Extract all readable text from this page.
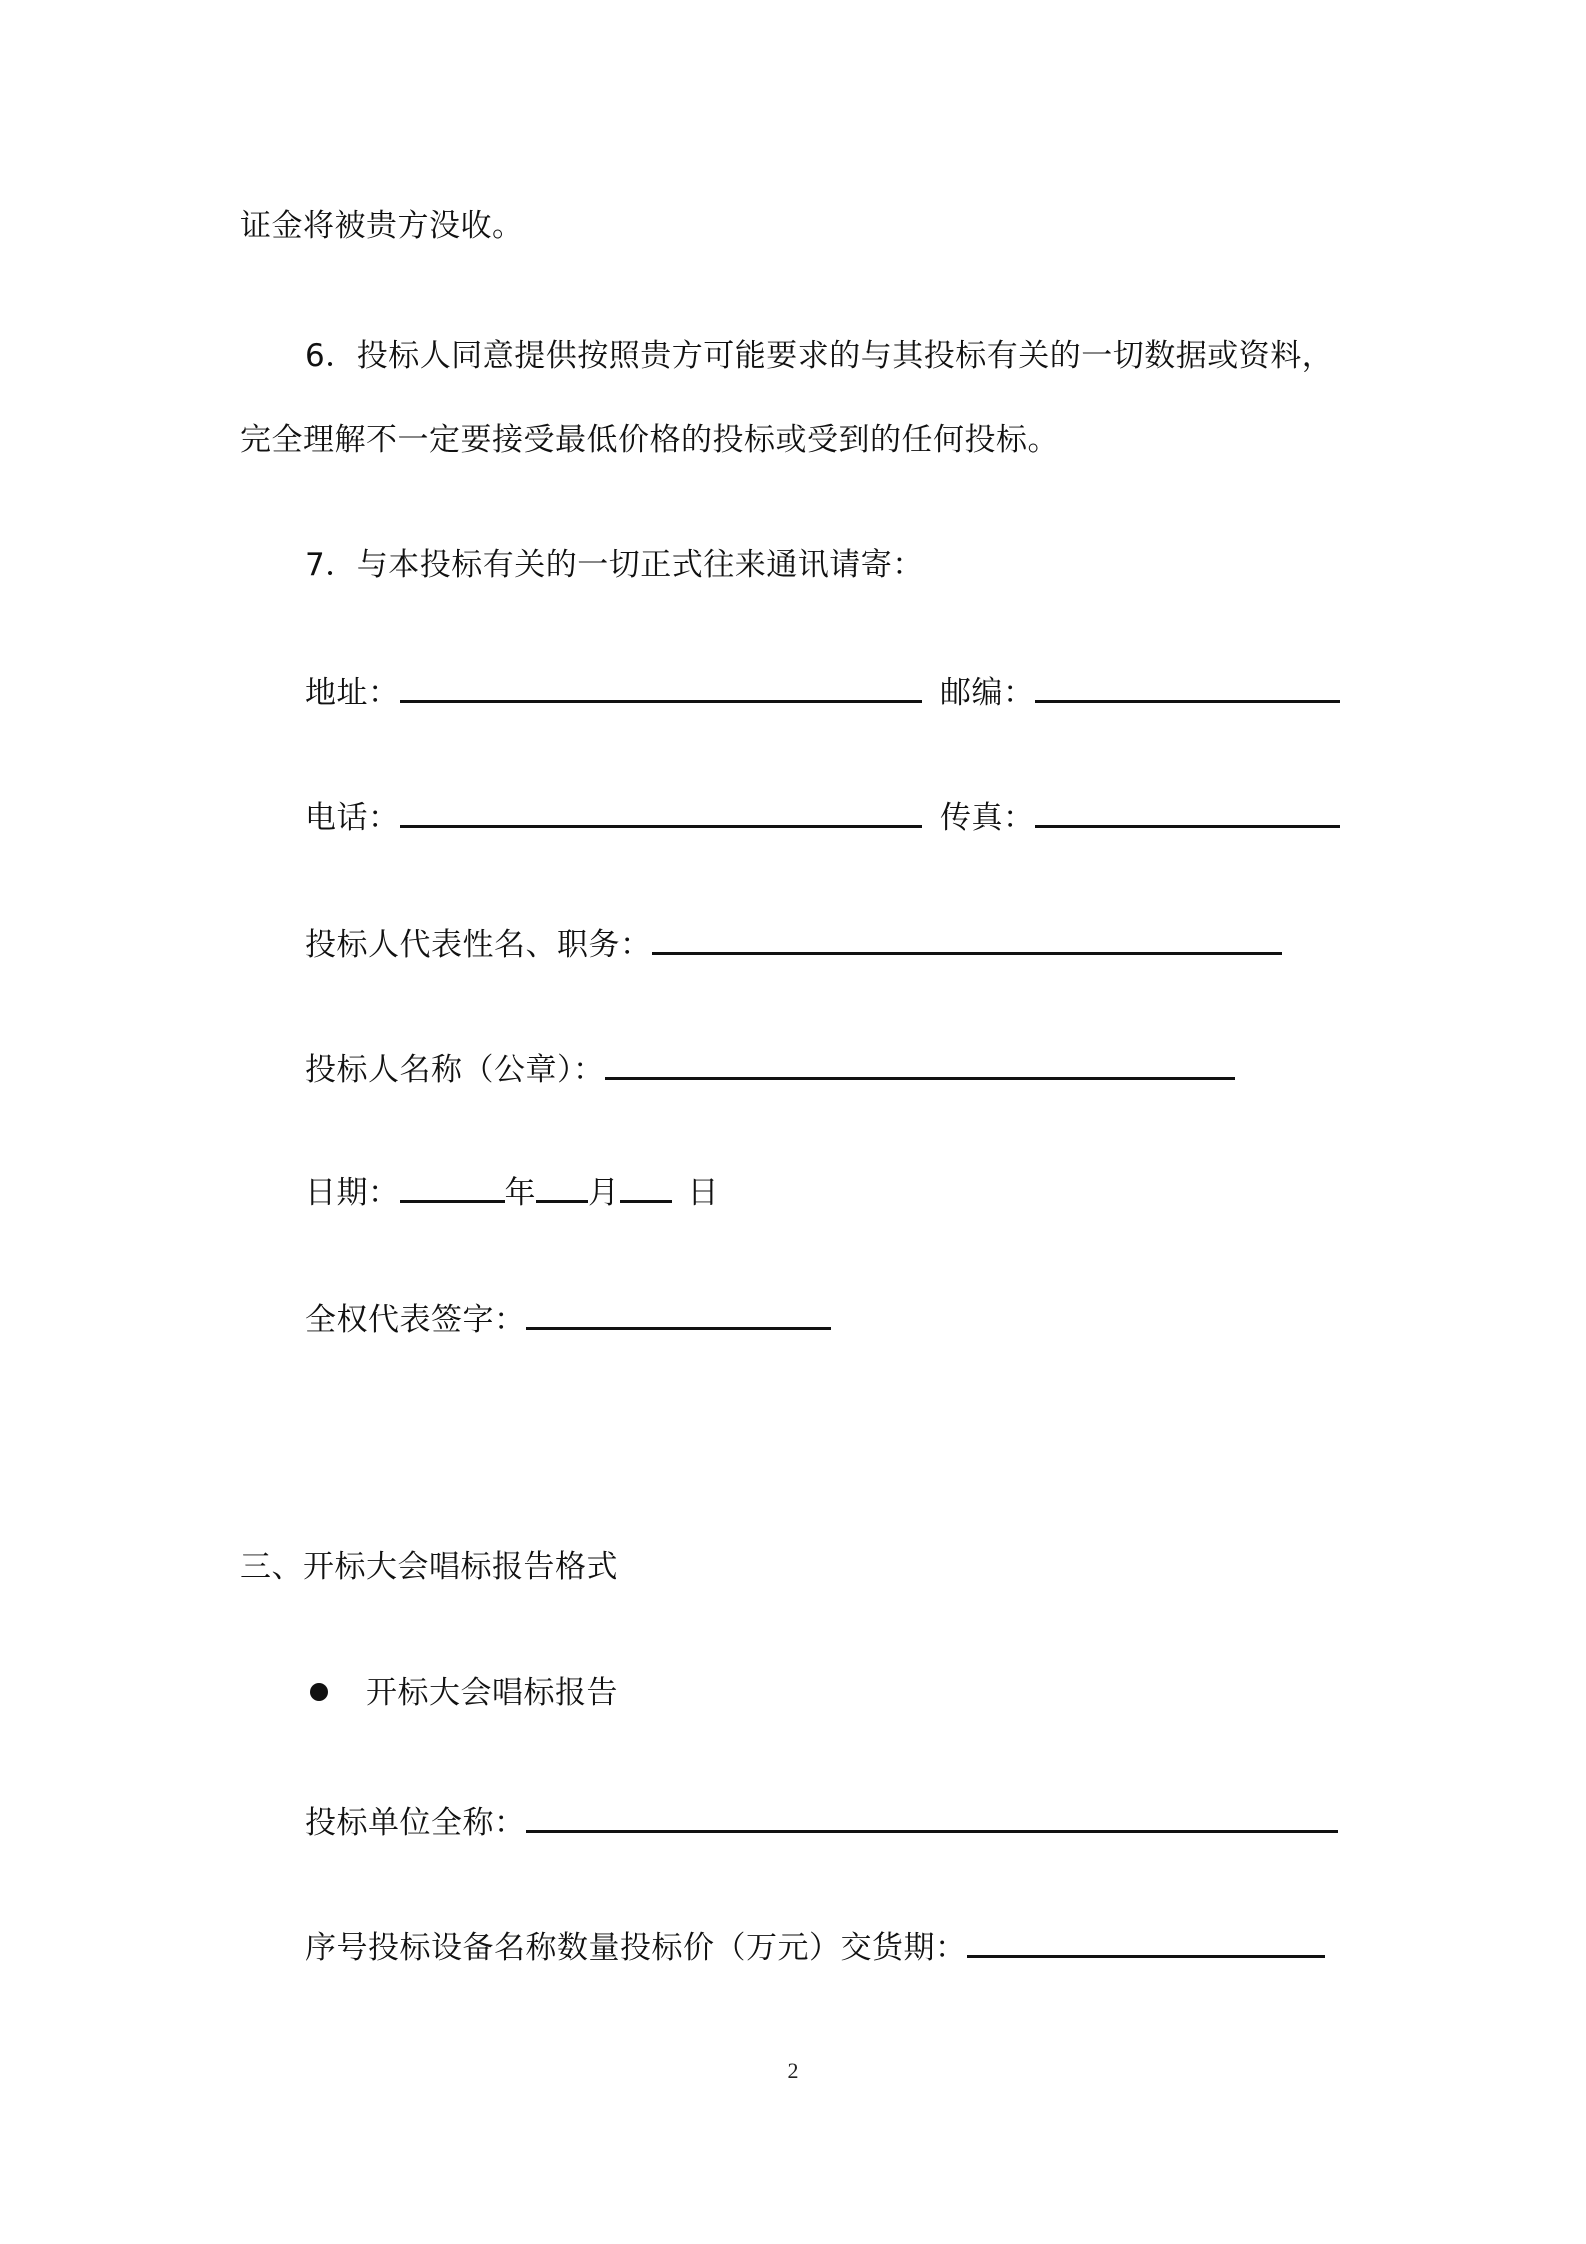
证金将被贵方没收。
6．投标人同意提供按照贵方可能要求的与其投标有关的一切数据或资料，
完全理解不一定要接受最低价格的投标或受到的任何投标。
7．与本投标有关的一切正式往来通讯请寄：
地址：	邮编：
电话：	传真：
投标人代表性名、职务：
投标人名称（公章）：
日期：	年 月 日
全权代表签字：
三、开标大会唱标报告格式
开标大会唱标报告
投标单位全称：
序号投标设备名称数量投标价（万元）交货期：
2
